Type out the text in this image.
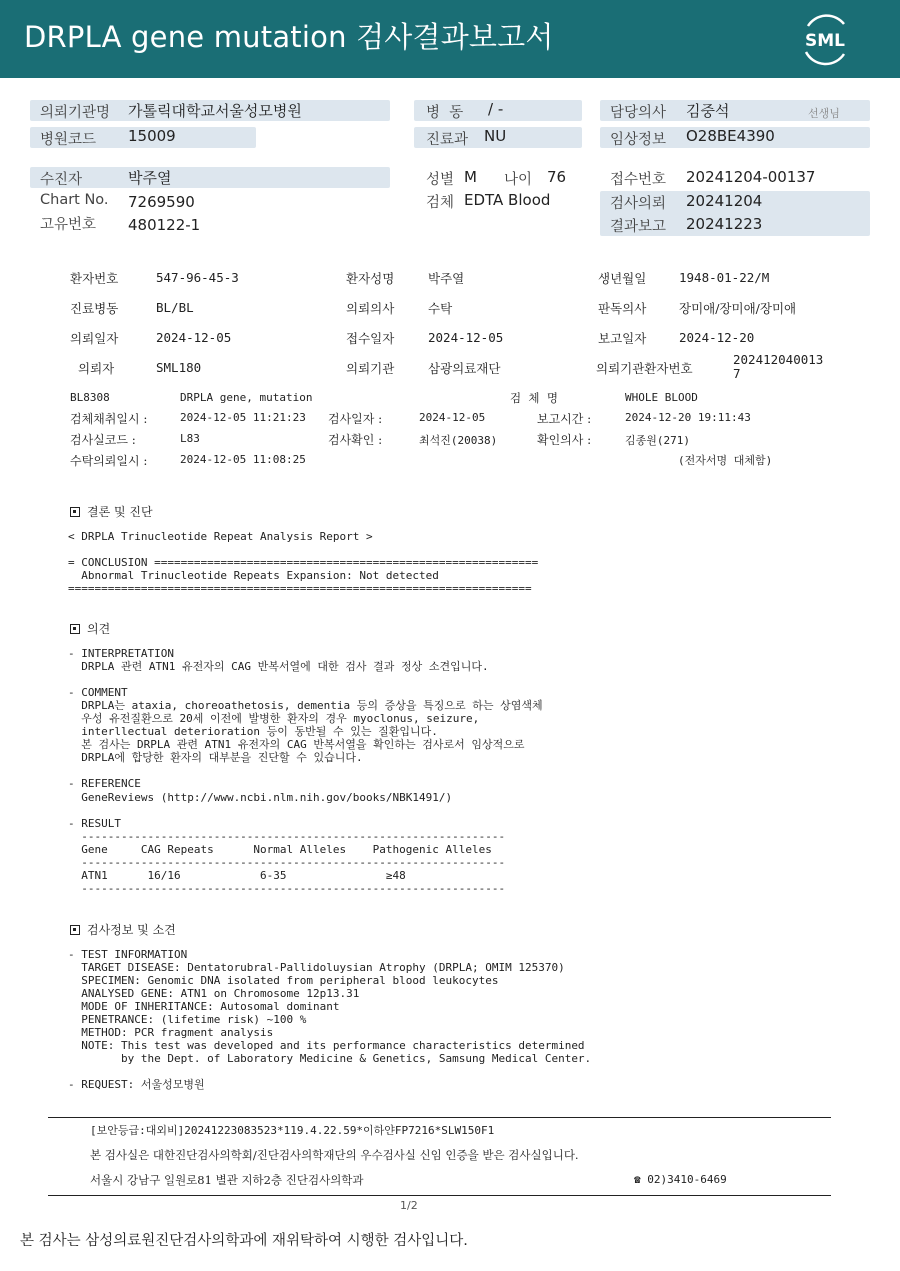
DRPLA gene mutation 검사결과보고서	SML
의뢰기관명 가톨릭대학교서울성모병원
병원코드 15009
병  동 / -
진료과 NU
담당의사 김중석	선생님
임상정보 O28BE4390
수진자	박주열
Chart No. 7269590
고유번호 480122-1
성별 M 나이 76
검체 EDTA Blood
접수번호 20241204-00137
검사의뢰 20241204
결과보고 20241223
환자번호	547-96-45-3	환자성명	박주열	생년월일	1948-01-22/M
진료병동	BL/BL	의뢰의사	수탁	판독의사	장미애/장미애/장미애
의뢰일자	2024-12-05	접수일자	2024-12-05	보고일자	2024-12-20
의뢰자	SML180	의뢰기관	삼광의료재단	의뢰기관환자번호
202412040013
7
BL8308	DRPLA gene, mutation	검  체  명	WHOLE BLOOD
검체채취일시 :	2024-12-05 11:21:23 검사일자 :	2024-12-05	보고시간 :	2024-12-20 19:11:43
검사실코드 :	L83	검사확인 :	최석진(20038)	확인의사 :	김종원(271)
수탁의뢰일시 :	2024-12-05 11:08:25	(전자서명 대체함)
결론 및 진단
< DRPLA Trinucleotide Repeat Analysis Report >
= CONCLUSION ==========================================================
Abnormal Trinucleotide Repeats Expansion: Not detected
======================================================================
의견
- INTERPRETATION
DRPLA 관련 ATN1 유전자의 CAG 반복서열에 대한 검사 결과 정상 소견입니다.
- COMMENT
DRPLA는 ataxia, choreoathetosis, dementia 등의 증상을 특징으로 하는 상염색체
우성 유전질환으로 20세 이전에 발병한 환자의 경우 myoclonus, seizure,
interllectual deterioration 등이 동반될 수 있는 질환입니다.
본 검사는 DRPLA 관련 ATN1 유전자의 CAG 반복서열을 확인하는 검사로서 임상적으로
DRPLA에 합당한 환자의 대부분을 진단할 수 있습니다.
- REFERENCE
GeneReviews (http://www.ncbi.nlm.nih.gov/books/NBK1491/)
- RESULT
----------------------------------------------------------------
Gene     CAG Repeats      Normal Alleles    Pathogenic Alleles
----------------------------------------------------------------
ATN1      16/16            6-35               ≥48
----------------------------------------------------------------
검사정보 및 소견
- TEST INFORMATION
TARGET DISEASE: Dentatorubral-Pallidoluysian Atrophy (DRPLA; OMIM 125370)
SPECIMEN: Genomic DNA isolated from peripheral blood leukocytes
ANALYSED GENE: ATN1 on Chromosome 12p13.31
MODE OF INHERITANCE: Autosomal dominant
PENETRANCE: (lifetime risk) ~100 %
METHOD: PCR fragment analysis
NOTE: This test was developed and its performance characteristics determined
by the Dept. of Laboratory Medicine & Genetics, Samsung Medical Center.
- REQUEST: 서울성모병원
[보안등급:대외비]20241223083523*119.4.22.59*이하얀FP7216*SLW150F1
본 검사실은 대한진단검사의학회/진단검사의학재단의 우수검사실 신임 인증을 받은 검사실입니다.
서울시 강남구 일원로81 별관 지하2층 진단검사의학과	☎ 02)3410-6469
1/2
본 검사는 삼성의료원진단검사의학과에 재위탁하여 시행한 검사입니다.
